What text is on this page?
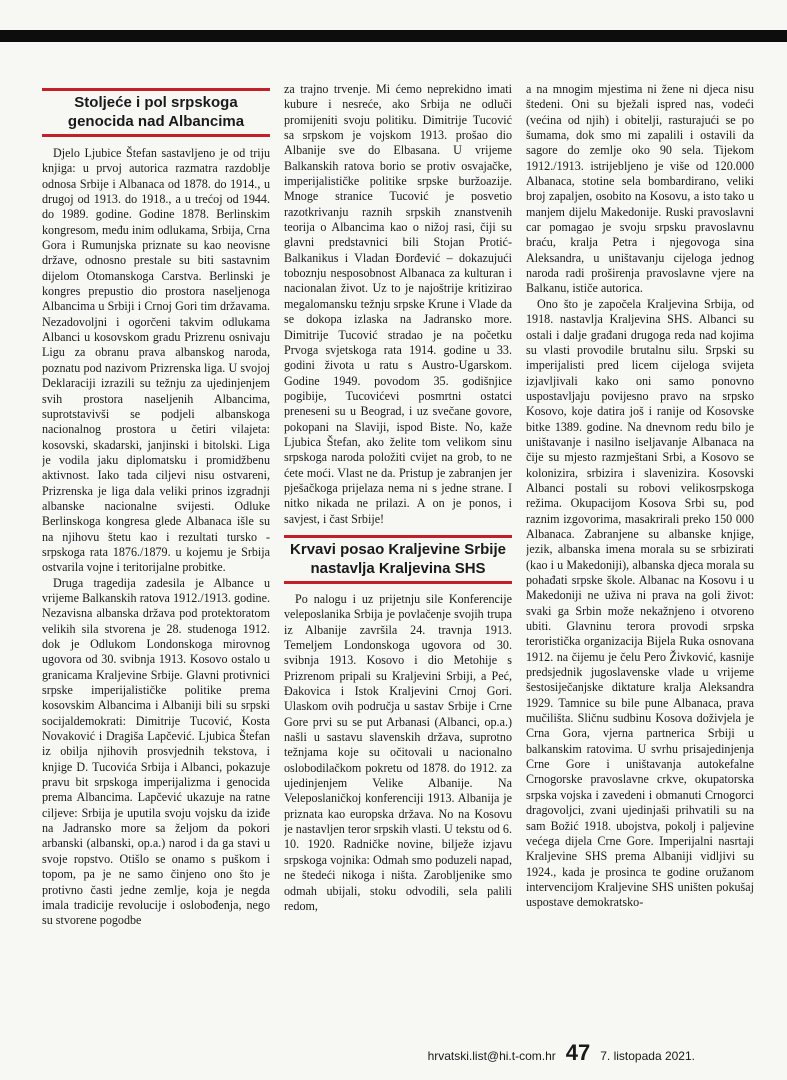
Stoljeće i pol srpskoga genocida nad Albancima

Djelo Ljubice Štefan sastavljeno je od triju knjiga: u prvoj autorica razmatra razdoblje odnosa Srbije i Albanaca od 1878. do 1914., u drugoj od 1913. do 1918., a u trećoj od 1944. do 1989. godine. Godine 1878. Berlinskim kongresom, među inim odlukama, Srbija, Crna Gora i Rumunjska priznate su kao neovisne države, odnosno prestale su biti sastavnim dijelom Otomanskoga Carstva. Berlinski je kongres prepustio dio prostora naseljenoga Albancima u Srbiji i Crnoj Gori tim državama. Nezadovoljni i ogorčeni takvim odlukama Albanci u kosovskom gradu Prizrenu osnivaju Ligu za obranu prava albanskog naroda, poznatu pod nazivom Prizrenska liga. U svojoj Deklaraciji izrazili su težnju za ujedinjenjem svih prostora naseljenih Albancima, suprotstavivši se podjeli albanskoga nacionalnog prostora u četiri vilajeta: kosovski, skadarski, janjinski i bitolski. Liga je vodila jaku diplomatsku i promidžbenu aktivnost. Iako tada ciljevi nisu ostvareni, Prizrenska je liga dala veliki prinos izgradnji albanske nacionalne svijesti. Odluke Berlinskoga kongresa glede Albanaca išle su na njihovu štetu kao i rezultati tursko - srpskoga rata 1876./1879. u kojemu je Srbija ostvarila vojne i teritorijalne probitke.

Druga tragedija zadesila je Albance u vrijeme Balkanskih ratova 1912./1913. godine. Nezavisna albanska država pod protektoratom velikih sila stvorena je 28. studenoga 1912. dok je Odlukom Londonskoga mirovnog ugovora od 30. svibnja 1913. Kosovo ostalo u granicama Kraljevine Srbije. Glavni protivnici srpske imperijalističke politike prema kosovskim Albancima i Albaniji bili su srpski socijaldemokrati: Dimitrije Tucović, Kosta Novaković i Dragiša Lapčević. Ljubica Štefan iz obilja njihovih prosvjednih tekstova, i knjige D. Tucovića Srbija i Albanci, pokazuje pravu bit srpskoga imperijalizma i genocida prema Albancima. Lapčević ukazuje na ratne ciljeve: Srbija je uputila svoju vojsku da iziđe na Jadransko more sa željom da pokori arbanski (albanski, op.a.) narod i da ga stavi u svoje ropstvo. Otišlo se onamo s puškom i topom, pa je ne samo činjeno ono što je protivno časti jedne zemlje, koja je negda imala tradicije revolucije i oslobođenja, nego su stvorene pogodbe

za trajno trvenje. Mi ćemo neprekidno imati kubure i nesreće, ako Srbija ne odluči promijeniti svoju politiku. Dimitrije Tucović sa srpskom je vojskom 1913. prošao dio Albanije sve do Elbasana. U vrijeme Balkanskih ratova borio se protiv osvajačke, imperijalističke politike srpske buržoazije. Mnoge stranice Tucović je posvetio razotkrivanju raznih srpskih znanstvenih teorija o Albancima kao o nižoj rasi, čiji su glavni predstavnici bili Stojan Protić-Balkanikus i Vladan Đorđević – dokazujući toboznju nesposobnost Albanaca za kulturan i nacionalan život. Uz to je najoštrije kritizirao megalomansku težnju srpske Krune i Vlade da se dokopa izlaska na Jadransko more. Dimitrije Tucović stradao je na početku Prvoga svjetskoga rata 1914. godine u 33. godini života u ratu s Austro-Ugarskom. Godine 1949. povodom 35. godišnjice pogibije, Tucovićevi posmrtni ostatci preneseni su u Beograd, i uz svečane govore, pokopani na Slaviji, ispod Biste. No, kaže Ljubica Štefan, ako želite tom velikom sinu srpskoga naroda položiti cvijet na grob, to ne ćete moći. Vlast ne da. Pristup je zabranjen jer pješačkoga prijelaza nema ni s jedne strane. I nitko nikada ne prilazi. A on je ponos, i savjest, i čast Srbije!

Krvavi posao Kraljevine Srbije nastavlja Kraljevina SHS

Po nalogu i uz prijetnju sile Konferencije veleposlanika Srbija je povlačenje svojih trupa iz Albanije završila 24. travnja 1913. Temeljem Londonskoga ugovora od 30. svibnja 1913. Kosovo i dio Metohije s Prizrenom pripali su Kraljevini Srbiji, a Peć, Đakovica i Istok Kraljevini Crnoj Gori. Ulaskom ovih područja u sastav Srbije i Crne Gore prvi su se put Arbanasi (Albanci, op.a.) našli u sastavu slavenskih država, suprotno težnjama koje su očitovali u nacionalno oslobodilačkom pokretu od 1878. do 1912. za ujedinjenjem Velike Albanije. Na Veleposlaničkoj konferenciji 1913. Albanija je priznata kao europska država. No na Kosovu je nastavljen teror srpskih vlasti. U tekstu od 6. 10. 1920. Radničke novine, bilježe izjavu srpskoga vojnika: Odmah smo poduzeli napad, ne štedeći nikoga i ništa. Zarobljenike smo odmah ubijali, stoku odvodili, sela palili redom,

a na mnogim mjestima ni žene ni djeca nisu štedeni. Oni su bježali ispred nas, vodeći (većina od njih) i obitelji, rasturajući se po šumama, dok smo mi zapalili i ostavili da sagore do zemlje oko 90 sela. Tijekom 1912./1913. istrijebljeno je više od 120.000 Albanaca, stotine sela bombardirano, veliki broj zapaljen, osobito na Kosovu, a isto tako u manjem dijelu Makedonije. Ruski pravoslavni car pomagao je svoju srpsku pravoslavnu braću, kralja Petra i njegovoga sina Aleksandra, u uništavanju cijeloga jednog naroda radi proširenja pravoslavne vjere na Balkanu, ističe autorica.

Ono što je započela Kraljevina Srbija, od 1918. nastavlja Kraljevina SHS. Albanci su ostali i dalje građani drugoga reda nad kojima su vlasti provodile brutalnu silu. Srpski su imperijalisti pred licem cijeloga svijeta izjavljivali kako oni samo ponovno uspostavljaju povijesno pravo na srpsko Kosovo, koje datira još i ranije od Kosovske bitke 1389. godine. Na dnevnom redu bilo je uništavanje i nasilno iseljavanje Albanaca na čije su mjesto razmještani Srbi, a Kosovo se kolonizira, srbizira i slavenizira. Kosovski Albanci postali su robovi velikosrpskoga režima. Okupacijom Kosova Srbi su, pod raznim izgovorima, masakrirali preko 150 000 Albanaca. Zabranjene su albanske knjige, jezik, albanska imena morala su se srbizirati (kao i u Makedoniji), albanska djeca morala su pohađati srpske škole. Albanac na Kosovu i u Makedoniji ne uživa ni prava na goli život: svaki ga Srbin može nekažnjeno i otvoreno ubiti. Glavninu terora provodi srpska teroristička organizacija Bijela Ruka osnovana 1912. na čijemu je čelu Pero Živković, kasnije predsjednik jugoslavenske vlade u vrijeme šestosiječanjske diktature kralja Aleksandra 1929. Tamnice su bile pune Albanaca, prava mučilišta. Sličnu sudbinu Kosova doživjela je Crna Gora, vjerna partnerica Srbiji u balkanskim ratovima. U svrhu prisajedinjenja Crne Gore i uništavanja autokefalne Crnogorske pravoslavne crkve, okupatorska srpska vojska i zavedeni i obmanuti Crnogorci dragovoljci, zvani ujedinjaši prihvatili su na sam Božić 1918. ubojstva, pokolj i paljevine većega dijela Crne Gore. Imperijalni nasrtaji Kraljevine SHS prema Albaniji vidljivi su 1924., kada je prosinca te godine oružanom intervencijom Kraljevine SHS uništen pokušaj uspostave demokratsko-

hrvatski.list@hi.t-com.hr 47 7. listopada 2021.
